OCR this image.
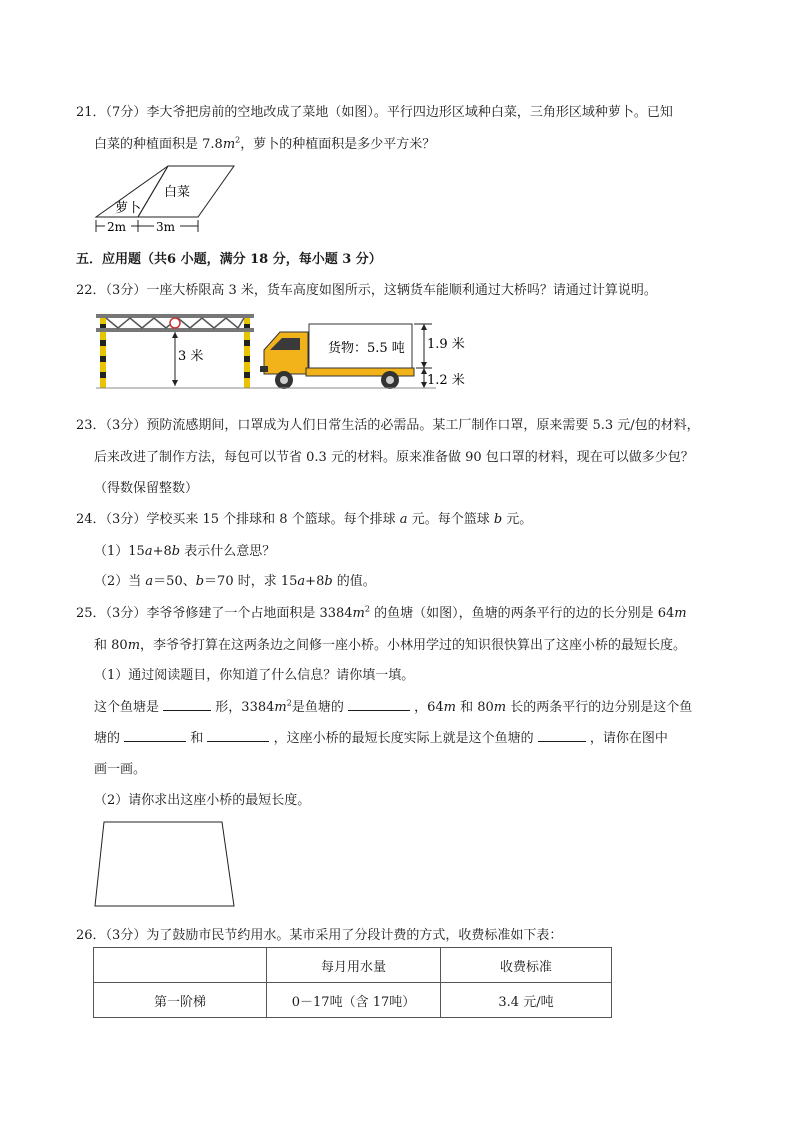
21．（7分）李大爷把房前的空地改成了菜地（如图）。平行四边形区域种白菜，三角形区域种萝卜。已知
白菜的种植面积是 $7.8m^2$，萝卜的种植面积是多少平方米？
白菜
萝卜
2m 3m
五．应用题（共6 小题，满分 18 分，每小题 3 分）
22．（3分）一座大桥限高 3 米，货车高度如图所示，这辆货车能顺利通过大桥吗？请通过计算说明。
3 米
货物：5.5 吨 1.9 米
1.2 米
23．（3分）预防流感期间，口罩成为人们日常生活的必需品。某工厂制作口罩，原来需要 5.3 元/包的材料，
后来改进了制作方法，每包可以节省 0.3 元的材料。原来准备做 90 包口罩的材料，现在可以做多少包？
（得数保留整数）
24．（3分）学校买来 15 个排球和 8 个篮球。每个排球 a 元。每个篮球 b 元。
（1）15a+8b 表示什么意思？
（2）当 a＝50、b＝70 时，求 15a+8b 的值。
25．（3分）李爷爷修建了一个占地面积是 $3384m^2$ 的鱼塘（如图），鱼塘的两条平行的边的长分别是 64m
和 80m，李爷爷打算在这两条边之间修一座小桥。小林用学过的知识很快算出了这座小桥的最短长度。
（1）通过阅读题目，你知道了什么信息？请你填一填。
这个鱼塘是	形，$3384m^2$是鱼塘的	，64m 和 80m 长的两条平行的边分别是这个鱼
塘的	和	，这座小桥的最短长度实际上就是这个鱼塘的	，请你在图中
画一画。
（2）请你求出这座小桥的最短长度。
26．（3分）为了鼓励市民节约用水。某市采用了分段计费的方式，收费标准如下表：
	每月用水量	收费标准
第一阶梯	0－17吨（含 17吨）	3.4 元/吨
